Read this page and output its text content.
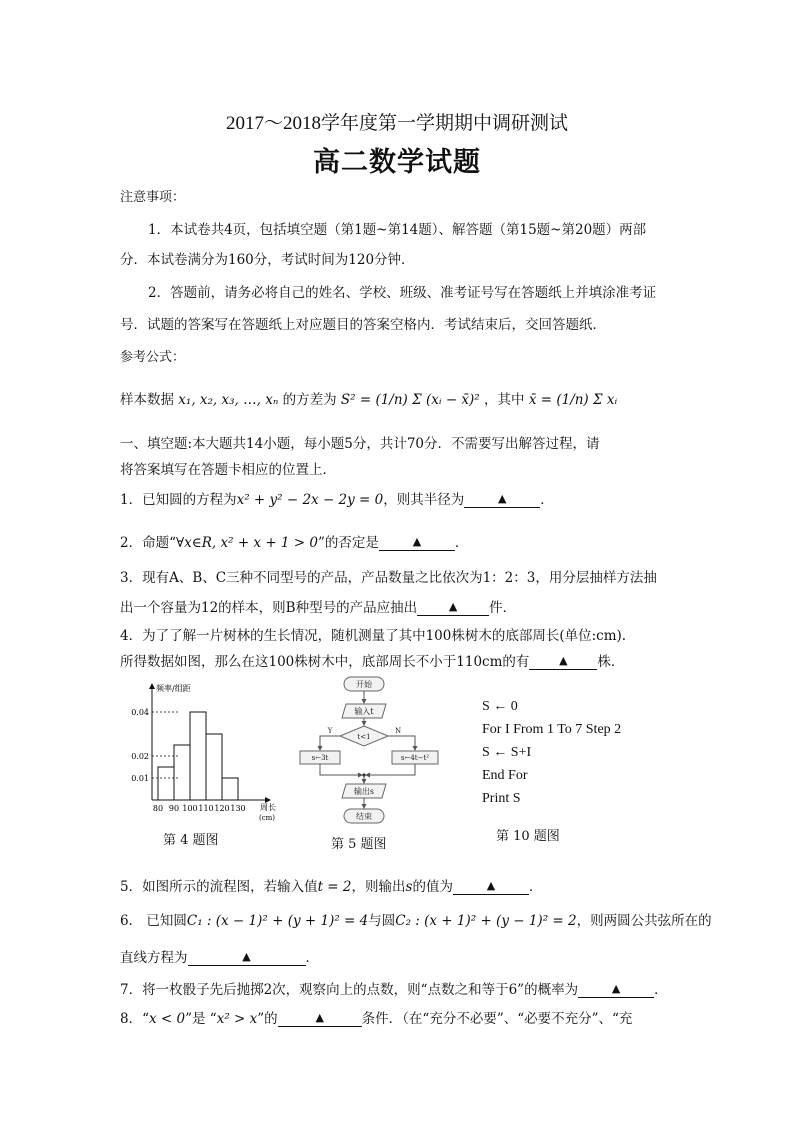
2017～2018学年度第一学期期中调研测试
高二数学试题
注意事项：
1．本试卷共4页，包括填空题（第1题~第14题）、解答题（第15题~第20题）两部
分．本试卷满分为160分，考试时间为120分钟．
2．答题前，请务必将自己的姓名、学校、班级、准考证号写在答题纸上并填涂准考证
号．试题的答案写在答题纸上对应题目的答案空格内．考试结束后，交回答题纸．
参考公式：
样本数据 x₁, x₂, x₃, …, xₙ 的方差为 S² = (1/n) Σ (xᵢ − x̄)² ，其中 x̄ = (1/n) Σ xᵢ
一、填空题:本大题共14小题，每小题5分，共计70分．不需要写出解答过程，请
将答案填写在答题卡相应的位置上．
1．已知圆的方程为x² + y² − 2x − 2y = 0，则其半径为	▲	．
2．命题“∀x∈R, x² + x + 1 > 0”的否定是	▲	．
3．现有A、B、C三种不同型号的产品，产品数量之比依次为1：2：3，用分层抽样方法抽
出一个容量为12的样本，则B种型号的产品应抽出	▲ 件．
4．为了了解一片树林的生长情况，随机测量了其中100株树木的底部周长(单位:cm).
所得数据如图，那么在这100株树木中，底部周长不小于110cm的有	▲ 株．
频率/组距
0.04
0.02
0.01
80 90 100 110 120 130 周长
(cm)
第 4 题图
开始
输入t
t<1
s←3t	s←4t−t²
输出s
结束
Y	N
第 5 题图
S ← 0
For I From 1 To 7 Step 2
S ← S+I
End For
Print S
第 10 题图
5．如图所示的流程图，若输入值t = 2，则输出s的值为	▲	．
6． 已知圆C₁ : (x − 1)² + (y + 1)² = 4与圆C₂ : (x + 1)² + (y − 1)² = 2，则两圆公共弦所在的
直线方程为	▲	．
7．将一枚骰子先后抛掷2次，观察向上的点数，则“点数之和等于6”的概率为	▲	．
8．“x < 0”是 “x² > x”的	▲	条件．（在“充分不必要”、“必要不充分”、“充
